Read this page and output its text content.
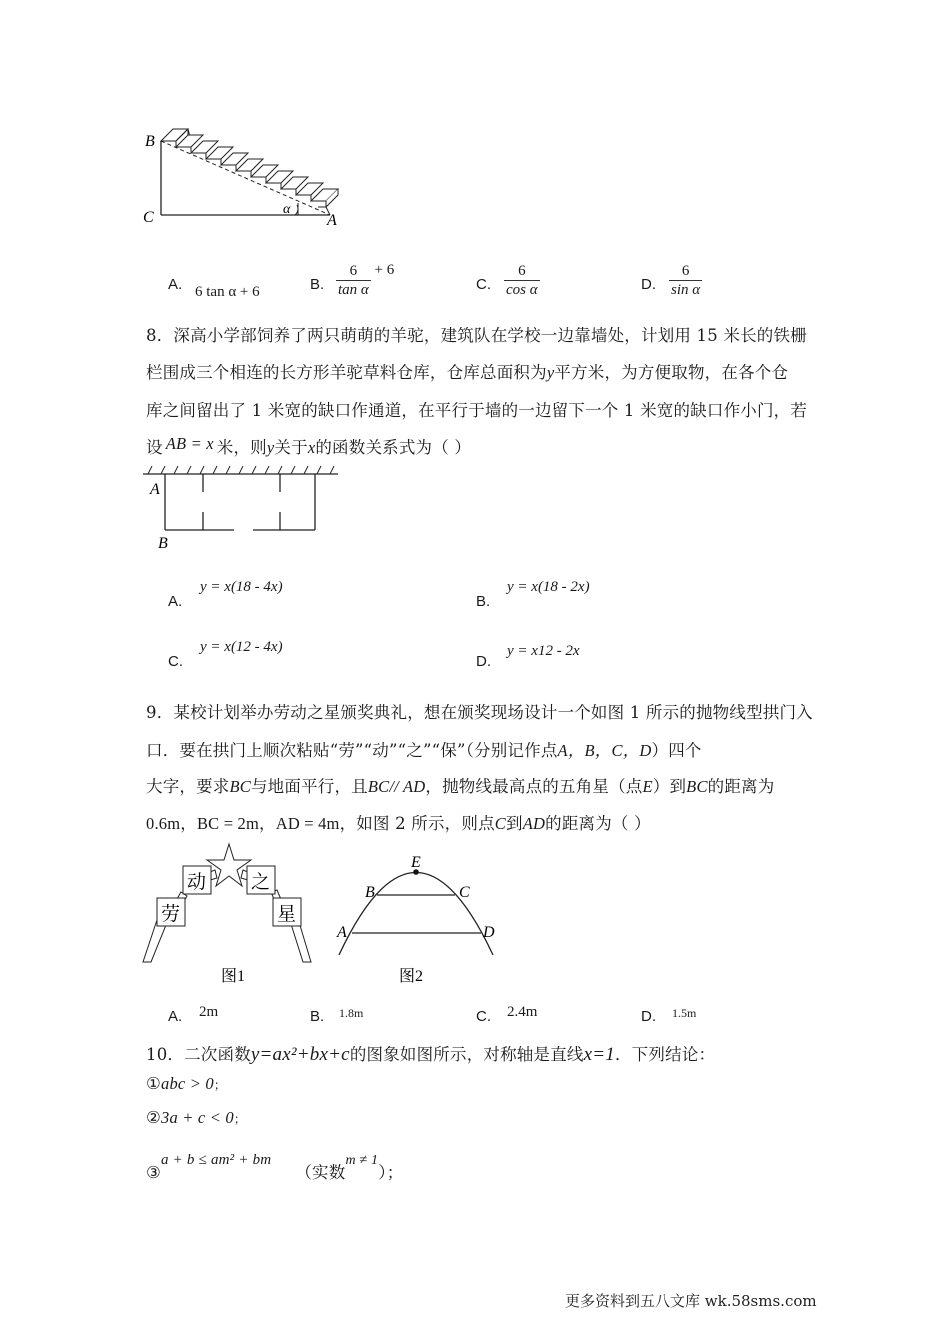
B
C	A
α
A. 6 tan α + 6	B. $\frac{6}{\text{tan α}} + 6$
C. $\frac{6}{\text{cos α}}$	D. $\frac{6}{\text{sin α}}$
8．深高小学部饲养了两只萌萌的羊驼，建筑队在学校一边靠墙处，计划用 15 米长的铁栅
栏围成三个相连的长方形羊驼草料仓库，仓库总面积为y平方米，为方便取物，在各个仓
库之间留出了 1 米宽的缺口作通道，在平行于墙的一边留下一个 1 米宽的缺口作小门，若
设 AB = x 米，则y关于x的函数关系式为（ ）
A
B
A.
y = x(18 - 4x)
B.
y = x(18 - 2x)
C.
y = x(12 - 4x)
D.
y = x12 - 2x
9．某校计划举办劳动之星颁奖典礼，想在颁奖现场设计一个如图 1 所示的抛物线型拱门入
口．要在拱门上顺次粘贴“劳”“动”“之”“保”（分别记作点A，B，C，D）四个
大字，要求BC与地面平行，且BC// AD，抛物线最高点的五角星（点E）到BC的距离为
0.6m，BC = 2m，AD = 4m，如图 2 所示，则点C到AD的距离为（ ）
劳
动 之
星
图1
E
B	C
A	D
图2
A. 2m	B. 1.8m	C. 2.4m	D. 1.5m
10．二次函数y=ax²+bx+c的图象如图所示，对称轴是直线x=1．下列结论：
①abc > 0；
②3a + c < 0；
③a + b ≤ am² + bm（实数$^{m \ne 1}$）；
更多资料到五八文库 wk.58sms.com
